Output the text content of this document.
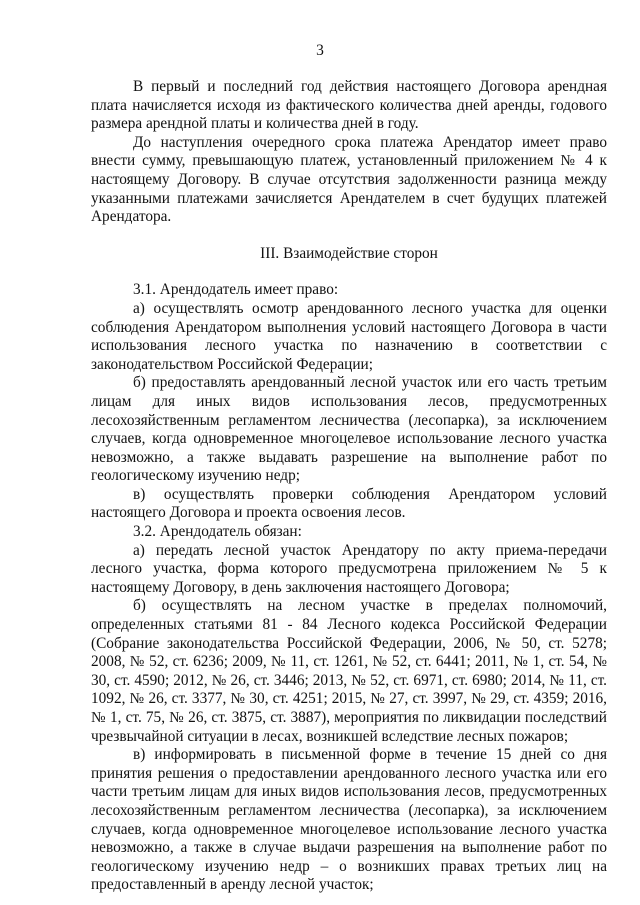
3

В первый и последний год действия настоящего Договора арендная плата начисляется исходя из фактического количества дней аренды, годового размера арендной платы и количества дней в году.

До наступления очередного срока платежа Арендатор имеет право внести сумму, превышающую платеж, установленный приложением № 4 к настоящему Договору. В случае отсутствия задолженности разница между указанными платежами зачисляется Арендателем в счет будущих платежей Арендатора.

III. Взаимодействие сторон

3.1. Арендодатель имеет право:

а) осуществлять осмотр арендованного лесного участка для оценки соблюдения Арендатором выполнения условий настоящего Договора в части использования лесного участка по назначению в соответствии с законодательством Российской Федерации;

б) предоставлять арендованный лесной участок или его часть третьим лицам для иных видов использования лесов, предусмотренных лесохозяйственным регламентом лесничества (лесопарка), за исключением случаев, когда одновременное многоцелевое использование лесного участка невозможно, а также выдавать разрешение на выполнение работ по геологическому изучению недр;

в) осуществлять проверки соблюдения Арендатором условий настоящего Договора и проекта освоения лесов.

3.2. Арендодатель обязан:

а) передать лесной участок Арендатору по акту приема-передачи лесного участка, форма которого предусмотрена приложением № 5 к настоящему Договору, в день заключения настоящего Договора;

б) осуществлять на лесном участке в пределах полномочий, определенных статьями 81 - 84 Лесного кодекса Российской Федерации (Собрание законодательства Российской Федерации, 2006, № 50, ст. 5278; 2008, № 52, ст. 6236; 2009, № 11, ст. 1261, № 52, ст. 6441; 2011, № 1, ст. 54, № 30, ст. 4590; 2012, № 26, ст. 3446; 2013, № 52, ст. 6971, ст. 6980; 2014, № 11, ст. 1092, № 26, ст. 3377, № 30, ст. 4251; 2015, № 27, ст. 3997, № 29, ст. 4359; 2016, № 1, ст. 75, № 26, ст. 3875, ст. 3887), мероприятия по ликвидации последствий чрезвычайной ситуации в лесах, возникшей вследствие лесных пожаров;

в) информировать в письменной форме в течение 15 дней со дня принятия решения о предоставлении арендованного лесного участка или его части третьим лицам для иных видов использования лесов, предусмотренных лесохозяйственным регламентом лесничества (лесопарка), за исключением случаев, когда одновременное многоцелевое использование лесного участка невозможно, а также в случае выдачи разрешения на выполнение работ по геологическому изучению недр – о возникших правах третьих лиц на предоставленный в аренду лесной участок;
